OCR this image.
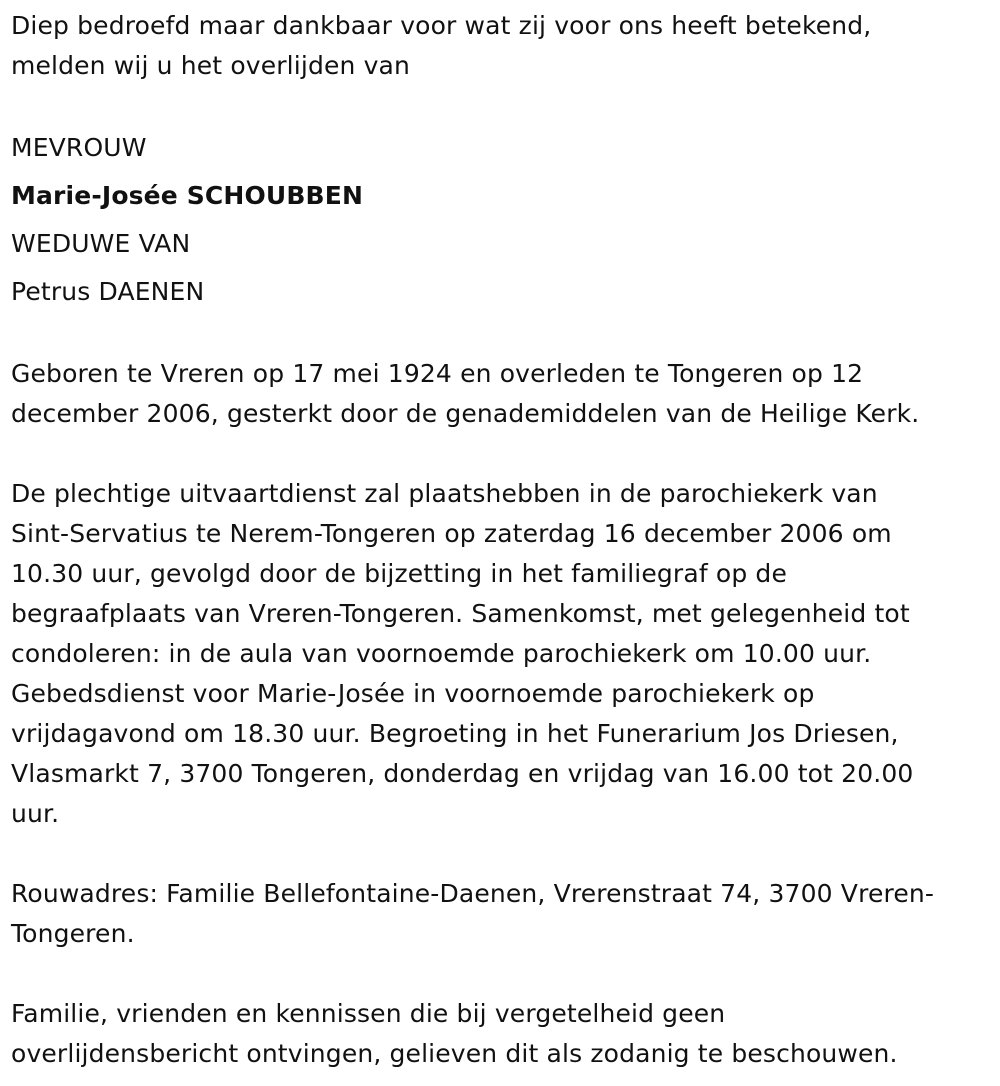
Diep bedroefd maar dankbaar voor wat zij voor ons heeft betekend,
melden wij u het overlijden van

MEVROUW
Marie-Josée SCHOUBBEN
WEDUWE VAN
Petrus DAENEN

Geboren te Vreren op 17 mei 1924 en overleden te Tongeren op 12
december 2006, gesterkt door de genademiddelen van de Heilige Kerk.

De plechtige uitvaartdienst zal plaatshebben in de parochiekerk van
Sint-Servatius te Nerem-Tongeren op zaterdag 16 december 2006 om
10.30 uur, gevolgd door de bijzetting in het familiegraf op de
begraafplaats van Vreren-Tongeren. Samenkomst, met gelegenheid tot
condoleren: in de aula van voornoemde parochiekerk om 10.00 uur.
Gebedsdienst voor Marie-Josée in voornoemde parochiekerk op
vrijdagavond om 18.30 uur. Begroeting in het Funerarium Jos Driesen,
Vlasmarkt 7, 3700 Tongeren, donderdag en vrijdag van 16.00 tot 20.00
uur.

Rouwadres: Familie Bellefontaine-Daenen, Vrerenstraat 74, 3700 Vreren-
Tongeren.

Familie, vrienden en kennissen die bij vergetelheid geen
overlijdensbericht ontvingen, gelieven dit als zodanig te beschouwen.
